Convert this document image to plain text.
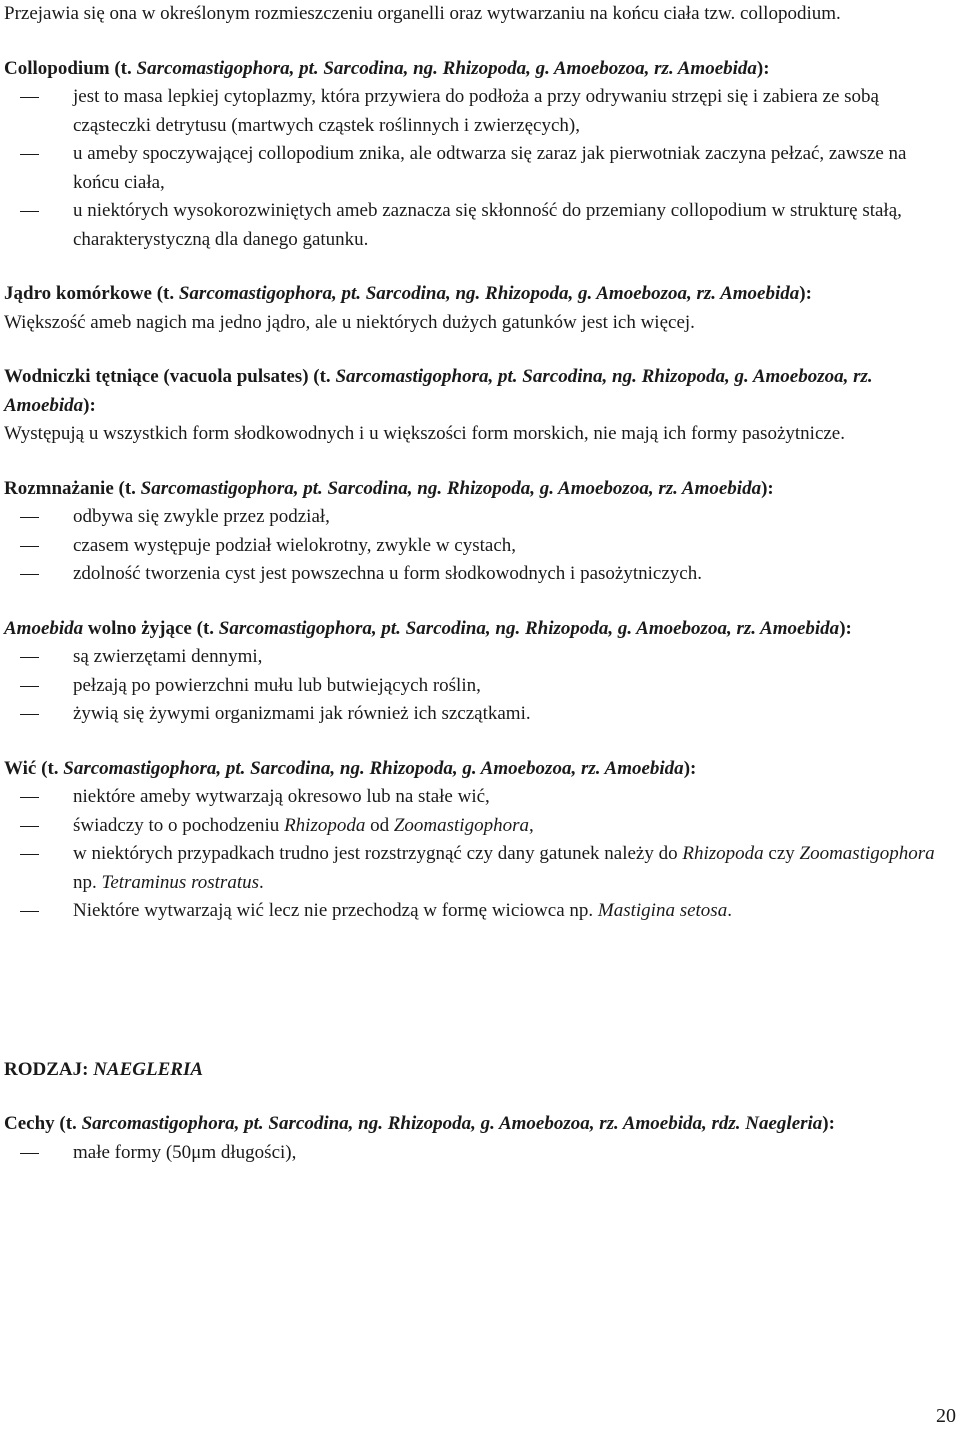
Przejawia się ona w określonym rozmieszczeniu organelli oraz wytwarzaniu na końcu ciała tzw. collopodium.

Collopodium (t. Sarcomastigophora, pt. Sarcodina, ng. Rhizopoda, g. Amoebozoa, rz. Amoebida):

jest to masa lepkiej cytoplazmy, która przywiera do podłoża a przy odrywaniu strzępi się i zabiera ze sobą cząsteczki detrytusu (martwych cząstek roślinnych i zwierzęcych),
u ameby spoczywającej collopodium znika, ale odtwarza się zaraz jak pierwotniak zaczyna pełzać, zawsze na końcu ciała,
u niektórych wysokorozwiniętych ameb zaznacza się skłonność do przemiany collopodium w strukturę stałą, charakterystyczną dla danego gatunku.

Jądro komórkowe (t. Sarcomastigophora, pt. Sarcodina, ng. Rhizopoda, g. Amoebozoa, rz. Amoebida):

Większość ameb nagich ma jedno jądro, ale u niektórych dużych gatunków jest ich więcej.

Wodniczki tętniące (vacuola pulsates) (t. Sarcomastigophora, pt. Sarcodina, ng. Rhizopoda, g. Amoebozoa, rz. Amoebida):

Występują u wszystkich form słodkowodnych i u większości form morskich, nie mają ich formy pasożytnicze.

Rozmnażanie (t. Sarcomastigophora, pt. Sarcodina, ng. Rhizopoda, g. Amoebozoa, rz. Amoebida):

odbywa się zwykle przez podział,
czasem występuje podział wielokrotny, zwykle w cystach,
zdolność tworzenia cyst jest powszechna u form słodkowodnych i pasożytniczych.

Amoebida wolno żyjące (t. Sarcomastigophora, pt. Sarcodina, ng. Rhizopoda, g. Amoebozoa, rz. Amoebida):

są zwierzętami dennymi,
pełzają po powierzchni mułu lub butwiejących roślin,
żywią się żywymi organizmami jak również ich szczątkami.

Wić (t. Sarcomastigophora, pt. Sarcodina, ng. Rhizopoda, g. Amoebozoa, rz. Amoebida):

niektóre ameby wytwarzają okresowo lub na stałe wić,
świadczy to o pochodzeniu Rhizopoda od Zoomastigophora,
w niektórych przypadkach trudno jest rozstrzygnąć czy dany gatunek należy do Rhizopoda czy Zoomastigophora np. Tetraminus rostratus.
Niektóre wytwarzają wić lecz nie przechodzą w formę wiciowca np. Mastigina setosa.

RODZAJ: NAEGLERIA

Cechy (t. Sarcomastigophora, pt. Sarcodina, ng. Rhizopoda, g. Amoebozoa, rz. Amoebida, rdz. Naegleria):

małe formy (50μm długości),
20
